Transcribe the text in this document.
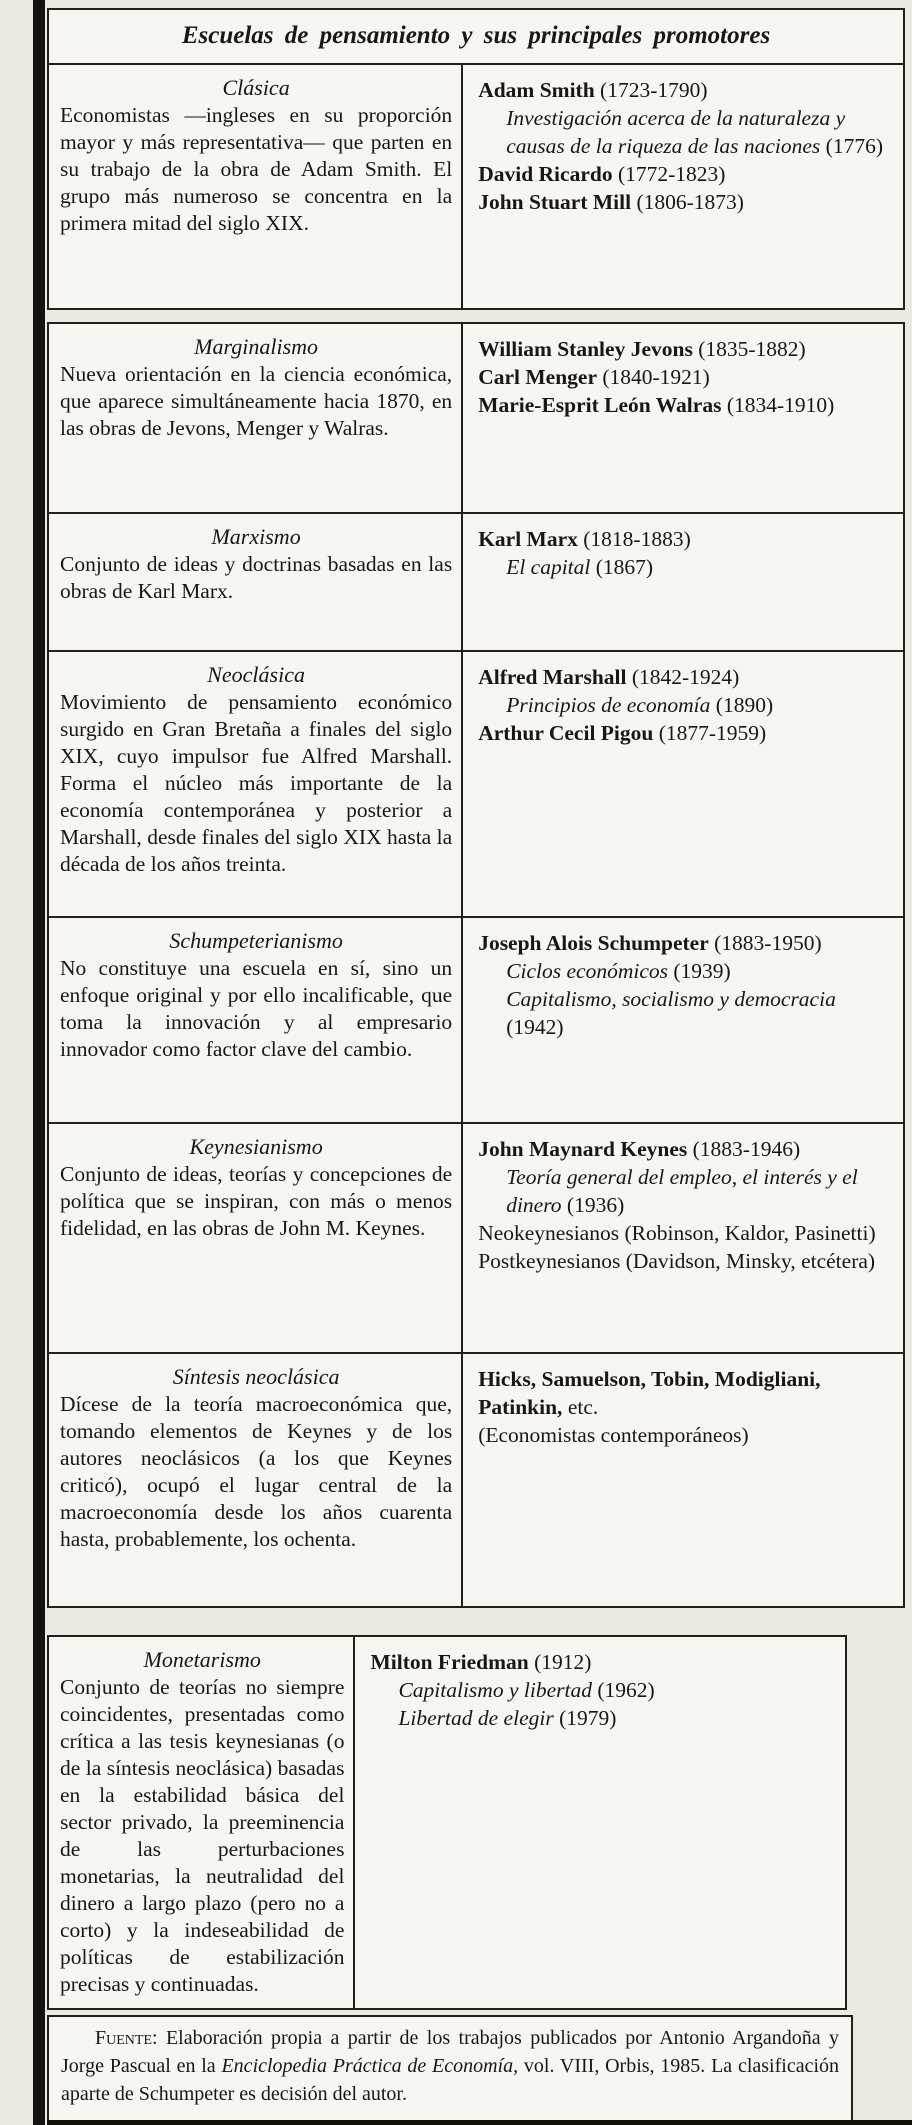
Escuelas de pensamiento y sus principales promotores
Clásica
Economistas —ingleses en su proporción mayor y más representativa— que parten en su trabajo de la obra de Adam Smith. El grupo más numeroso se concentra en la primera mitad del siglo XIX.
Adam Smith (1723-1790)
Investigación acerca de la naturaleza y causas de la riqueza de las naciones (1776)
David Ricardo (1772-1823)
John Stuart Mill (1806-1873)
Marginalismo
Nueva orientación en la ciencia económica, que aparece simultáneamente hacia 1870, en las obras de Jevons, Menger y Walras.
William Stanley Jevons (1835-1882)
Carl Menger (1840-1921)
Marie-Esprit León Walras (1834-1910)
Marxismo
Conjunto de ideas y doctrinas basadas en las obras de Karl Marx.
Karl Marx (1818-1883)
El capital (1867)
Neoclásica
Movimiento de pensamiento económico surgido en Gran Bretaña a finales del siglo XIX, cuyo impulsor fue Alfred Marshall. Forma el núcleo más importante de la economía contemporánea y posterior a Marshall, desde finales del siglo XIX hasta la década de los años treinta.
Alfred Marshall (1842-1924)
Principios de economía (1890)
Arthur Cecil Pigou (1877-1959)
Schumpeterianismo
No constituye una escuela en sí, sino un enfoque original y por ello incalificable, que toma la innovación y al empresario innovador como factor clave del cambio.
Joseph Alois Schumpeter (1883-1950)
Ciclos económicos (1939)
Capitalismo, socialismo y democracia (1942)
Keynesianismo
Conjunto de ideas, teorías y concepciones de política que se inspiran, con más o menos fidelidad, en las obras de John M. Keynes.
John Maynard Keynes (1883-1946)
Teoría general del empleo, el interés y el dinero (1936)
Neokeynesianos (Robinson, Kaldor, Pasinetti)
Postkeynesianos (Davidson, Minsky, etcétera)
Síntesis neoclásica
Dícese de la teoría macroeconómica que, tomando elementos de Keynes y de los autores neoclásicos (a los que Keynes criticó), ocupó el lugar central de la macroeconomía desde los años cuarenta hasta, probablemente, los ochenta.
Hicks, Samuelson, Tobin, Modigliani, Patinkin, etc.
(Economistas contemporáneos)
Monetarismo
Conjunto de teorías no siempre coincidentes, presentadas como crítica a las tesis keynesianas (o de la síntesis neoclásica) basadas en la estabilidad básica del sector privado, la preeminencia de las perturbaciones monetarias, la neutralidad del dinero a largo plazo (pero no a corto) y la indeseabilidad de políticas de estabilización precisas y continuadas.
Milton Friedman (1912)
Capitalismo y libertad (1962)
Libertad de elegir (1979)

Fuente: Elaboración propia a partir de los trabajos publicados por Antonio Argandoña y Jorge Pascual en la Enciclopedia Práctica de Economía, vol. VIII, Orbis, 1985. La clasificación aparte de Schumpeter es decisión del autor.
